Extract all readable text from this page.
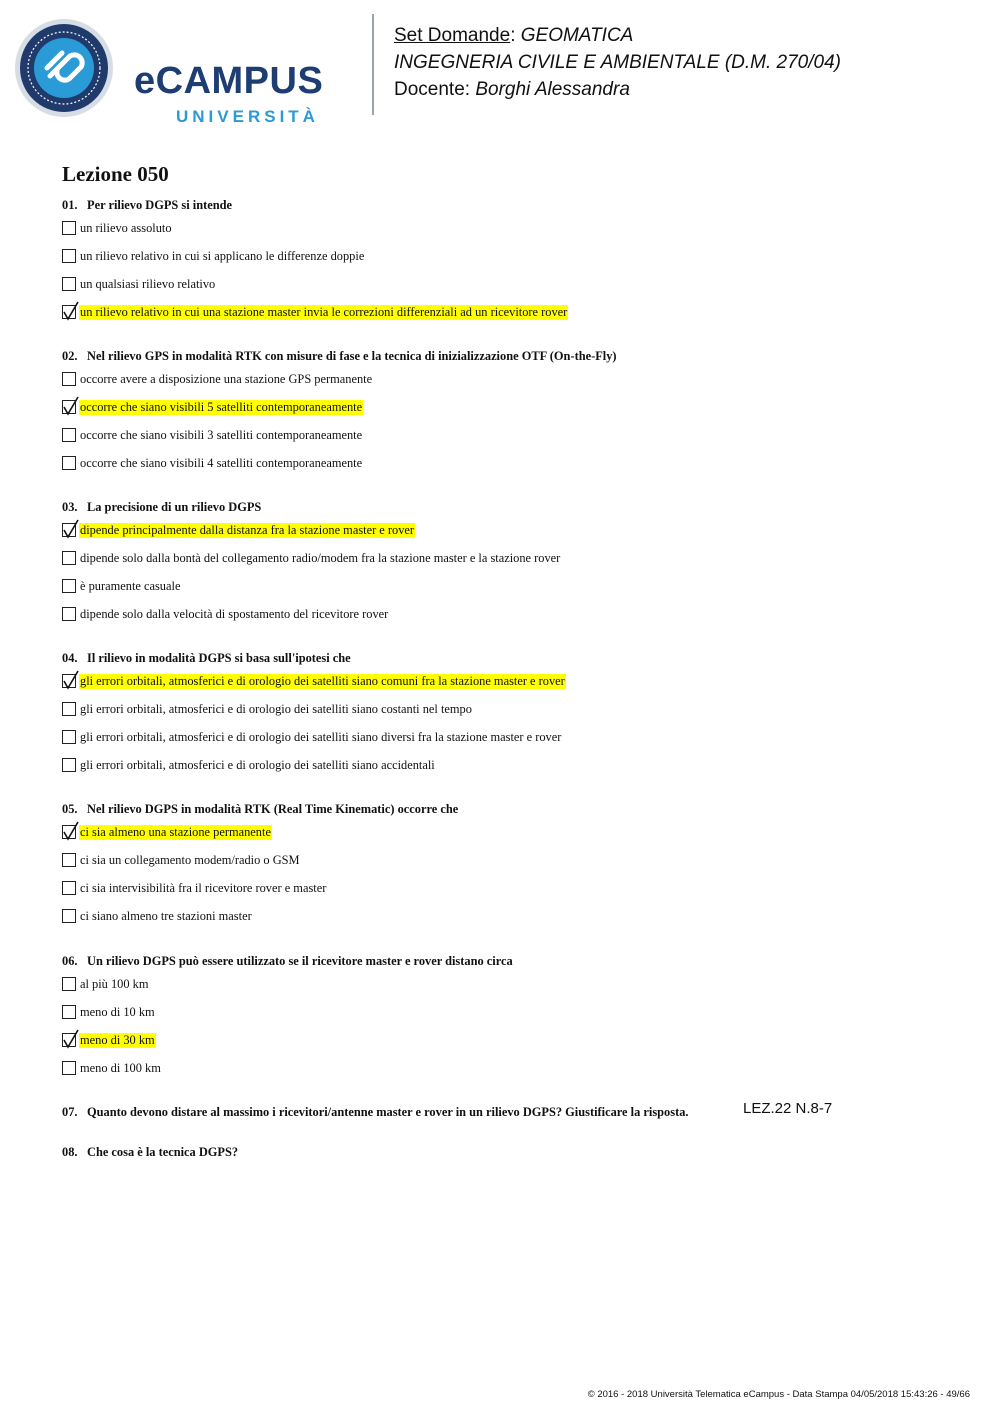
eCAMPUS
UNIVERSITÀ
Set Domande: GEOMATICA
INGEGNERIA CIVILE E AMBIENTALE (D.M. 270/04)
Docente: Borghi Alessandra
Lezione 050
01. Per rilievo DGPS si intende
un rilievo assoluto
un rilievo relativo in cui si applicano le differenze doppie
un qualsiasi rilievo relativo
un rilievo relativo in cui una stazione master invia le correzioni differenziali ad un ricevitore rover
02. Nel rilievo GPS in modalità RTK con misure di fase e la tecnica di inizializzazione OTF (On-the-Fly)
occorre avere a disposizione una stazione GPS permanente
occorre che siano visibili 5 satelliti contemporaneamente
occorre che siano visibili 3 satelliti contemporaneamente
occorre che siano visibili 4 satelliti contemporaneamente
03. La precisione di un rilievo DGPS
dipende principalmente dalla distanza fra la stazione master e rover
dipende solo dalla bontà del collegamento radio/modem fra la stazione master e la stazione rover
è puramente casuale
dipende solo dalla velocità di spostamento del ricevitore rover
04. Il rilievo in modalità DGPS si basa sull'ipotesi che
gli errori orbitali, atmosferici e di orologio dei satelliti siano comuni fra la stazione master e rover
gli errori orbitali, atmosferici e di orologio dei satelliti siano costanti nel tempo
gli errori orbitali, atmosferici e di orologio dei satelliti siano diversi fra la stazione master e rover
gli errori orbitali, atmosferici e di orologio dei satelliti siano accidentali
05. Nel rilievo DGPS in modalità RTK (Real Time Kinematic) occorre che
ci sia almeno una stazione permanente
ci sia un collegamento modem/radio o GSM
ci sia intervisibilità fra il ricevitore rover e master
ci siano almeno tre stazioni master
06. Un rilievo DGPS può essere utilizzato se il ricevitore master e rover distano circa
al più 100 km
meno di 10 km
meno di 30 km
meno di 100 km
07. Quanto devono distare al massimo i ricevitori/antenne master e rover in un rilievo DGPS? Giustificare la risposta.
08. Che cosa è la tecnica DGPS?
LEZ.22 N.8-7
© 2016 - 2018 Università Telematica eCampus - Data Stampa 04/05/2018 15:43:26 - 49/66
